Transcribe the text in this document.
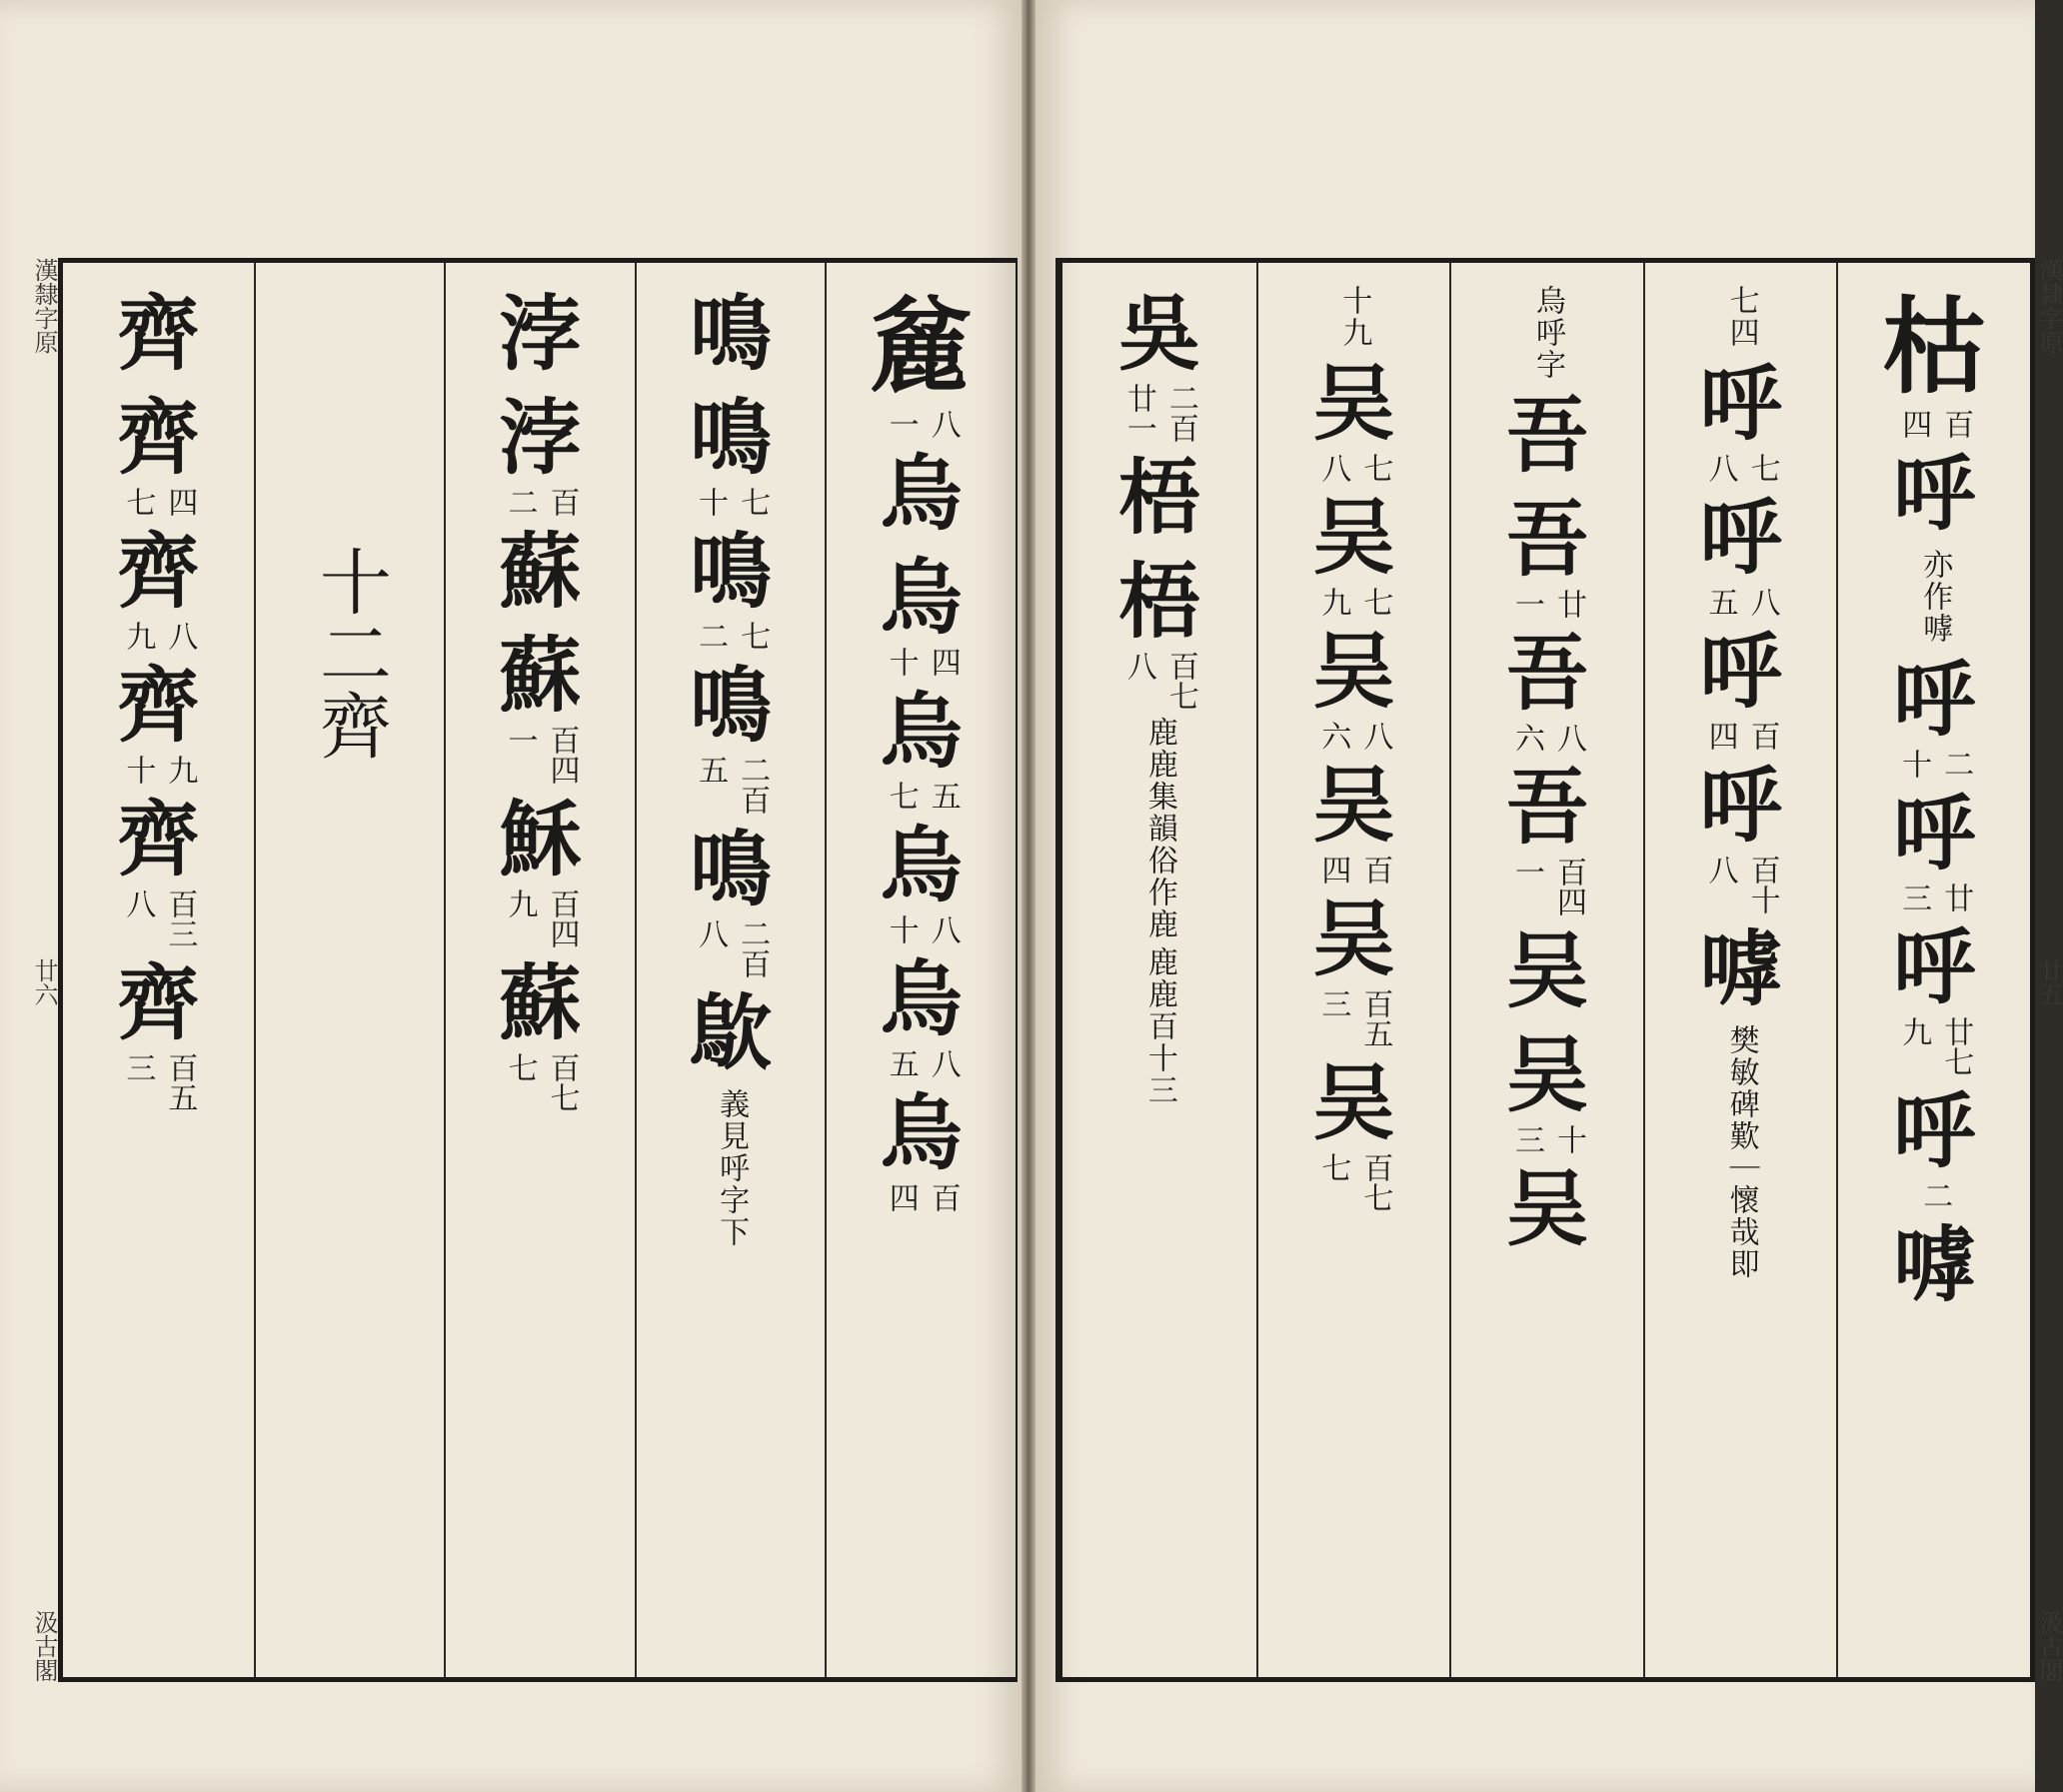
漢隸字原
廿六
汲古閣
麄
八
一
烏
烏
四
十
烏
五
七
烏
八
十
烏
八
五
烏
百
四
鳴
鳴
七
十
鳴
七
二
鳴
二百
五
鳴
二百
八
歍
義見呼字下
浡
浡
百
二
蘇
蘇
百四
一
穌
百四
九
蘇
百七
七
十二齊
齊
齊
四
七
齊
八
九
齊
九
十
齊
百三
八
齊
百五
三
枯
百
四
呼
亦作嘑
呼
二
十
呼
廿
三
呼
廿七
九
呼
二
嘑
七四
呼
七
八
呼
八
五
呼
百
四
呼
百十
八
嘑
樊敏碑歎｜懷哉即
烏呼字
吾
吾
廿
一
吾
八
六
吾
百四
一
吴
吴
十
三
吴
十九
吴
七
八
吴
七
九
吴
八
六
吴
百
四
吴
百五
三
吴
百七
七
吳
二百
廿一
梧
梧
百七
八
鹿鹿集韻俗作鹿
鹿鹿百十三
漢隸字原
廿五
汲古閣
